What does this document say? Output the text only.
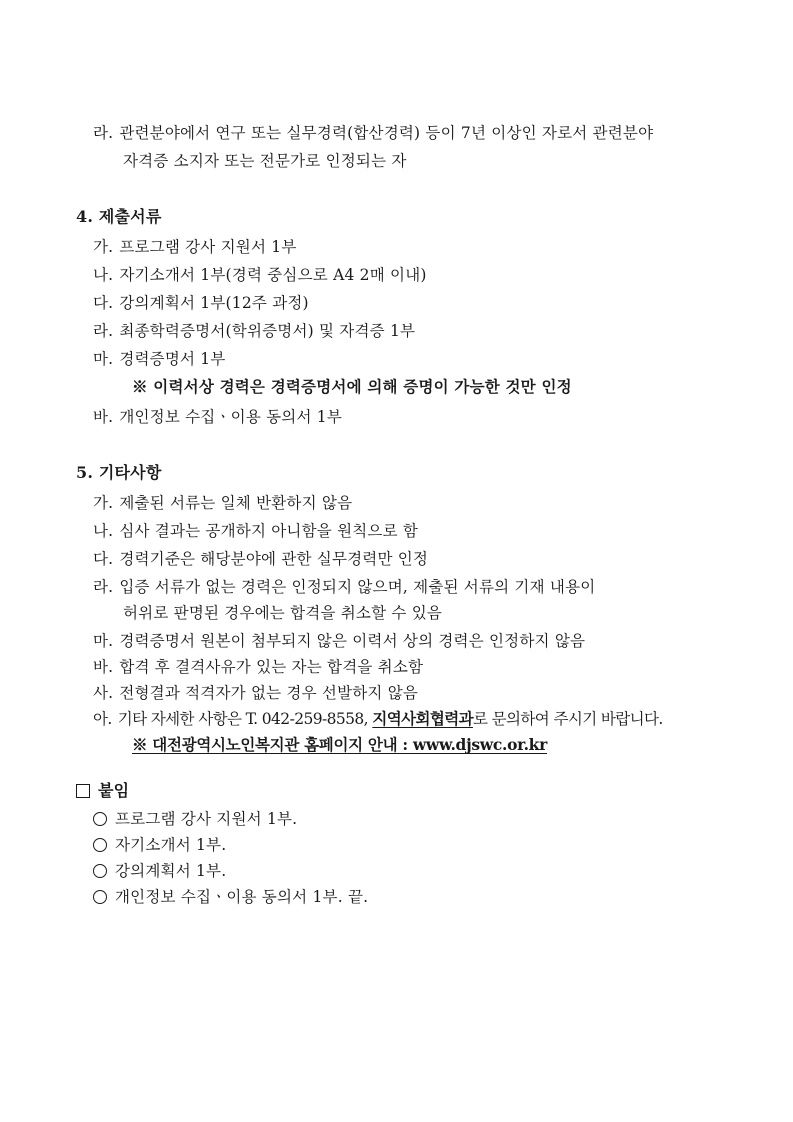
라. 관련분야에서 연구 또는 실무경력(합산경력) 등이 7년 이상인 자로서 관련분야
자격증 소지자 또는 전문가로 인정되는 자
4. 제출서류
가. 프로그램 강사 지원서 1부
나. 자기소개서 1부(경력 중심으로 A4 2매 이내)
다. 강의계획서 1부(12주 과정)
라. 최종학력증명서(학위증명서) 및 자격증 1부
마. 경력증명서 1부
※ 이력서상 경력은 경력증명서에 의해 증명이 가능한 것만 인정
바. 개인정보 수집ㆍ이용 동의서 1부
5. 기타사항
가. 제출된 서류는 일체 반환하지 않음
나. 심사 결과는 공개하지 아니함을 원칙으로 함
다. 경력기준은 해당분야에 관한 실무경력만 인정
라. 입증 서류가 없는 경력은 인정되지 않으며, 제출된 서류의 기재 내용이
허위로 판명된 경우에는 합격을 취소할 수 있음
마. 경력증명서 원본이 첨부되지 않은 이력서 상의 경력은 인정하지 않음
바. 합격 후 결격사유가 있는 자는 합격을 취소함
사. 전형결과 적격자가 없는 경우 선발하지 않음
아. 기타 자세한 사항은 T. 042-259-8558, 지역사회협력과로 문의하여 주시기 바랍니다.
※ 대전광역시노인복지관 홈페이지 안내 : www.djswc.or.kr
붙임
프로그램 강사 지원서 1부.
자기소개서 1부.
강의계획서 1부.
개인정보 수집ㆍ이용 동의서 1부. 끝.
